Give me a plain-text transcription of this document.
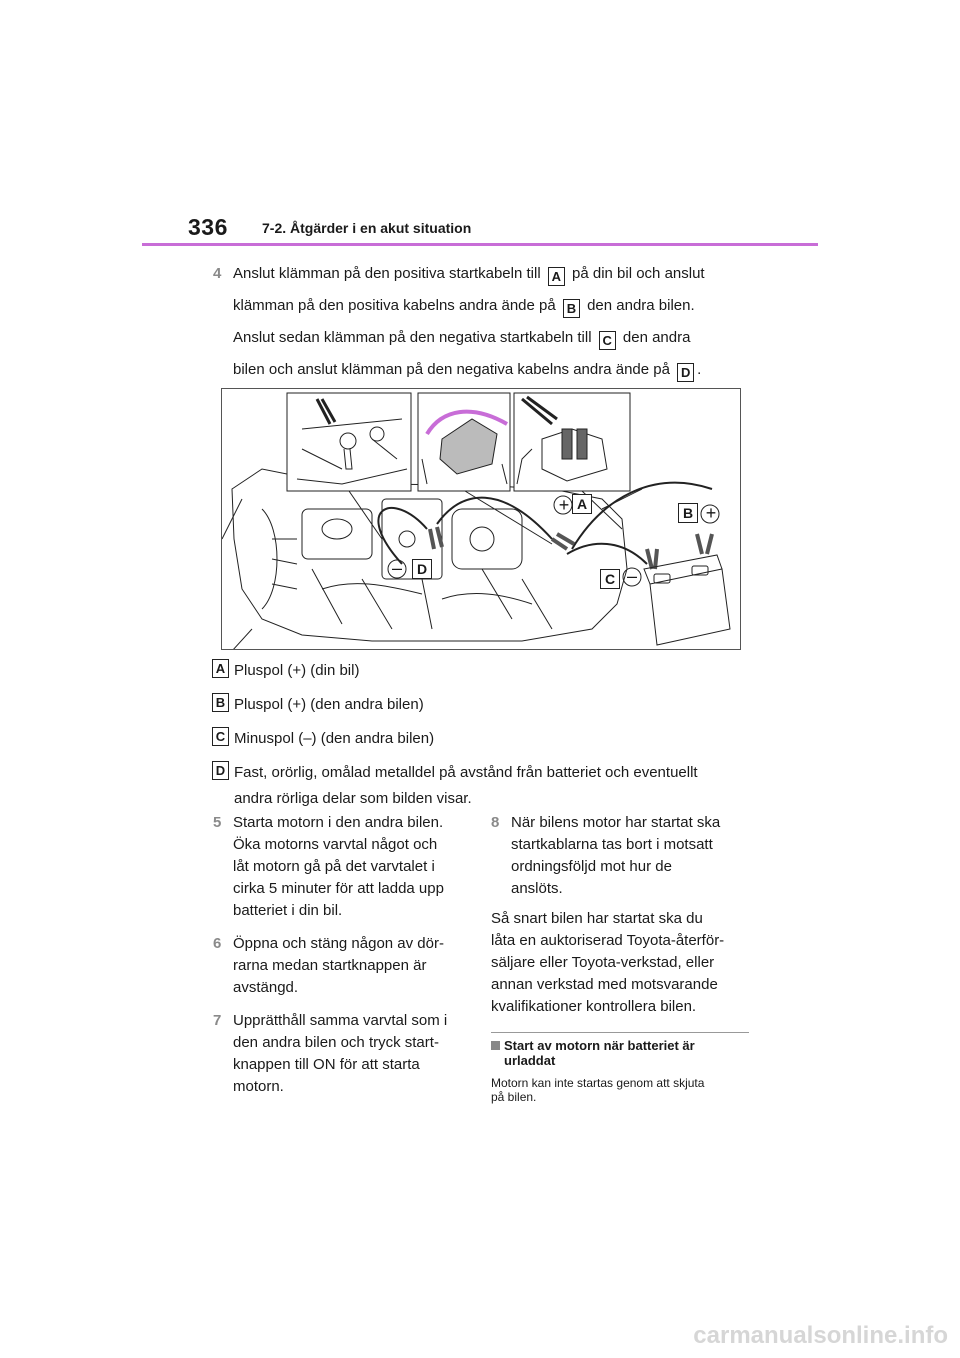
336 7-2. Åtgärder i en akut situation
4 Anslut klämman på den positiva startkabeln till A på din bil och anslut
klämman på den positiva kabelns andra ände på B den andra bilen.
Anslut sedan klämman på den negativa startkabeln till C den andra
bilen och anslut klämman på den negativa kabelns andra ände på D .
A
B
C
D
+	+
–
–
A Pluspol (+) (din bil)
B Pluspol (+) (den andra bilen)
C Minuspol (–) (den andra bilen)
D Fast, orörlig, omålad metalldel på avstånd från batteriet och eventuellt
andra rörliga delar som bilden visar.
5 Starta motorn i den andra bilen.
Öka motorns varvtal något och
låt motorn gå på det varvtalet i
cirka 5 minuter för att ladda upp
batteriet i din bil.
6 Öppna och stäng någon av dör-
rarna medan startknappen är
avstängd.
7 Upprätthåll samma varvtal som i
den andra bilen och tryck start-
knappen till ON för att starta
motorn.
8 När bilens motor har startat ska
startkablarna tas bort i motsatt
ordningsföljd mot hur de
anslöts.
Så snart bilen har startat ska du
låta en auktoriserad Toyota-återför-
säljare eller Toyota-verkstad, eller
annan verkstad med motsvarande
kvalifikationer kontrollera bilen.
Start av motorn när batteriet är
urladdat
Motorn kan inte startas genom att skjuta
på bilen.
carmanualsonline.info
